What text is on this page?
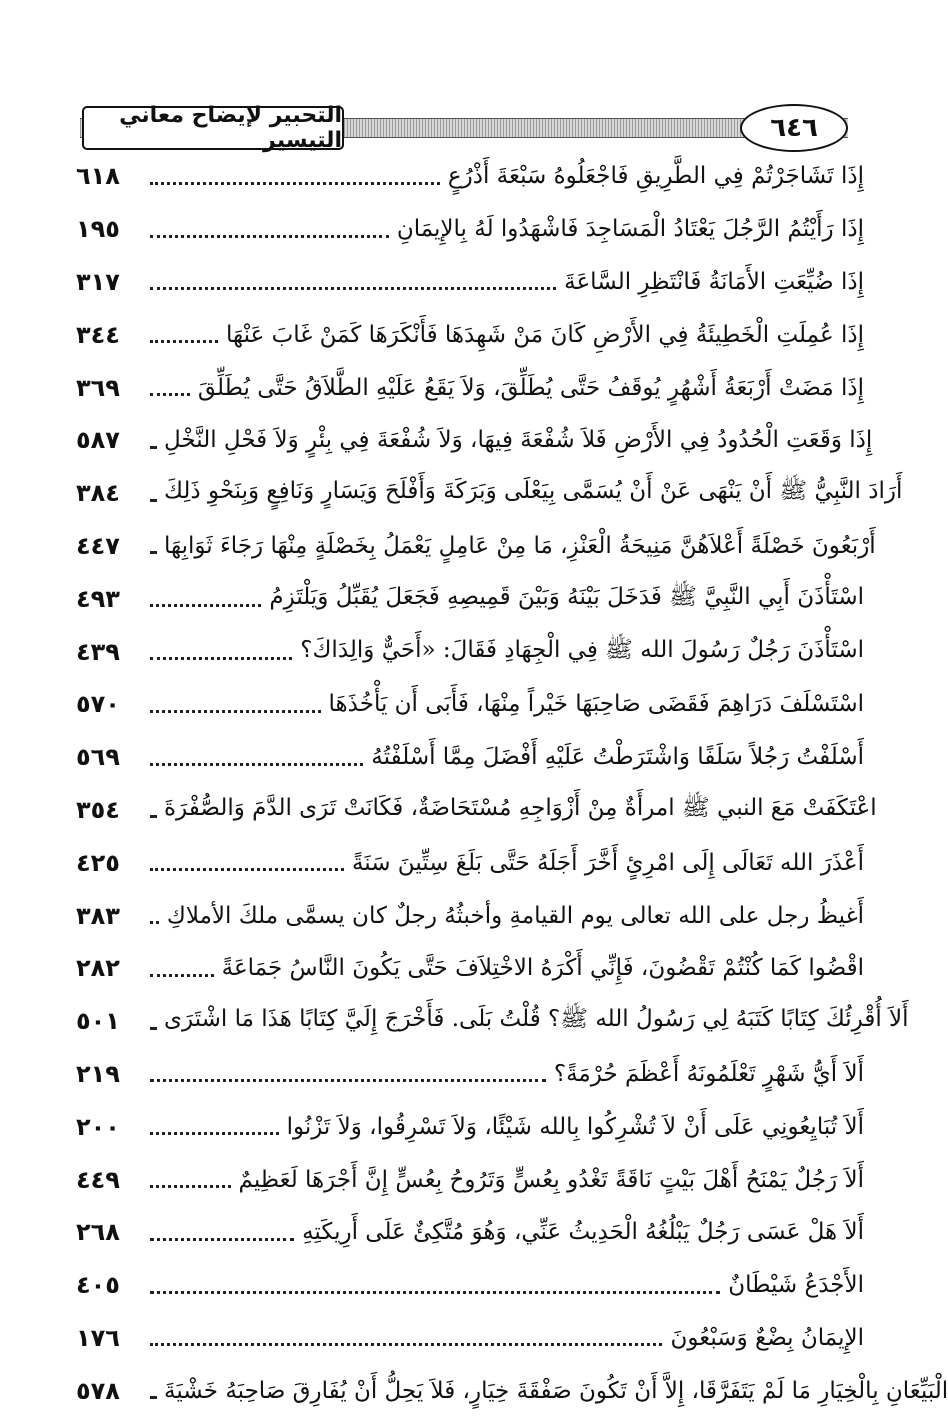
التحبير لإيضاح معاني التيسير	٦٤٦
٦١٨	إِذَا تَشَاجَرْتُمْ فِي الطَّرِيقِ فَاجْعَلُوهُ سَبْعَةَ أَذْرُعٍ
١٩٥	إِذَا رَأَيْتُمُ الرَّجُلَ يَعْتَادُ الْمَسَاجِدَ فَاشْهَدُوا لَهُ بِالإِيمَانِ
٣١٧	إِذَا ضُيِّعَتِ الأَمَانَةُ فَانْتَظِرِ السَّاعَةَ
٣٤٤	إِذَا عُمِلَتِ الْخَطِيئَةُ فِي الأَرْضِ كَانَ مَنْ شَهِدَهَا فَأَنْكَرَهَا كَمَنْ غَابَ عَنْهَا
٣٦٩	إِذَا مَضَتْ أَرْبَعَةُ أَشْهُرٍ يُوقَفُ حَتَّى يُطَلِّقَ، وَلاَ يَقَعُ عَلَيْهِ الطَّلاَقُ حَتَّى يُطَلِّقَ
٥٨٧	إِذَا وَقَعَتِ الْحُدُودُ فِي الأَرْضِ فَلاَ شُفْعَةَ فِيهَا، وَلاَ شُفْعَةَ فِي بِئْرٍ وَلاَ فَحْلِ النَّخْلِ
٣٨٤	أَرَادَ النَّبِيُّ ﷺ أَنْ يَنْهَى عَنْ أَنْ يُسَمَّى بِيَعْلَى وَبَرَكَةَ وَأَفْلَحَ وَيَسَارٍ وَنَافِعٍ وَبِنَحْوِ ذَلِكَ
٤٤٧	أَرْبَعُونَ خَصْلَةً أَعْلاَهُنَّ مَنِيحَةُ الْعَنْزِ، مَا مِنْ عَامِلٍ يَعْمَلُ بِخَصْلَةٍ مِنْهَا رَجَاءَ ثَوَابِهَا
٤٩٣	اسْتَأْذَنَ أَبِي النَّبِيَّ ﷺ فَدَخَلَ بَيْنَهُ وَبَيْنَ قَمِيصِهِ فَجَعَلَ يُقَبِّلُ وَيَلْتَزِمُ
٤٣٩	اسْتَأْذَنَ رَجُلٌ رَسُولَ الله ﷺ فِي الْجِهَادِ فَقَالَ: «أَحَيٌّ وَالِدَاكَ؟
٥٧٠	اسْتَسْلَفَ دَرَاهِمَ فَقَضَى صَاحِبَهَا خَيْراً مِنْهَا، فَأَبَى أَن يَأْخُذَهَا
٥٦٩	أَسْلَفْتُ رَجُلاً سَلَفًا وَاشْتَرَطْتُ عَلَيْهِ أَفْضَلَ مِمَّا أَسْلَفْتُهُ
٣٥٤	اعْتَكَفَتْ مَعَ النبي ﷺ امرأَةٌ مِنْ أَزْوَاجِهِ مُسْتَحَاضَةٌ، فَكَانَتْ تَرَى الدَّمَ وَالصُّفْرَةَ
٤٢٥	أَعْذَرَ الله تَعَالَى إِلَى امْرِئٍ أَخَّرَ أَجَلَهُ حَتَّى بَلَغَ سِتِّينَ سَنَةً
٣٨٣	أَغيظُ رجل على الله تعالى يوم القيامةِ وأخبثُهُ رجلٌ كان يسمَّى ملكَ الأملاكِ
٢٨٢	اقْضُوا كَمَا كُنْتُمْ تَقْضُونَ، فَإِنِّي أَكْرَهُ الاخْتِلاَفَ حَتَّى يَكُونَ النَّاسُ جَمَاعَةً
٥٠١	أَلاَ أُقْرِئُكَ كِتَابًا كَتَبَهُ لِي رَسُولُ الله ﷺ؟ قُلْتُ بَلَى. فَأَخْرَجَ إِلَيَّ كِتَابًا هَذَا مَا اشْتَرَى
٢١٩	أَلاَ أَيُّ شَهْرٍ تَعْلَمُونَهُ أَعْظَمَ حُرْمَةً؟
٢٠٠	أَلاَ تُبَايِعُونِي عَلَى أَنْ لاَ تُشْرِكُوا بِالله شَيْئًا، وَلاَ تَسْرِقُوا، وَلاَ تَزْنُوا
٤٤٩	أَلاَ رَجُلٌ يَمْنَحُ أَهْلَ بَيْتٍ نَاقَةً تَغْدُو بِعُسٍّ وَتَرُوحُ بِعُسٍّ إِنَّ أَجْرَهَا لَعَظِيمٌ
٢٦٨	أَلاَ هَلْ عَسَى رَجُلٌ يَبْلُغُهُ الْحَدِيثُ عَنِّي، وَهُوَ مُتَّكِئٌ عَلَى أَرِيكَتِهِ
٤٠٥	الأَجْدَعُ شَيْطَانٌ
١٧٦	الإِيمَانُ بِضْعٌ وَسَبْعُونَ
٥٧٨	الْبَيِّعَانِ بِالْخِيَارِ مَا لَمْ يَتَفَرَّقَا، إِلاَّ أَنْ تَكُونَ صَفْقَةَ خِيَارٍ، فَلاَ يَحِلُّ أَنْ يُفَارِقَ صَاحِبَهُ خَشْيَةَ
